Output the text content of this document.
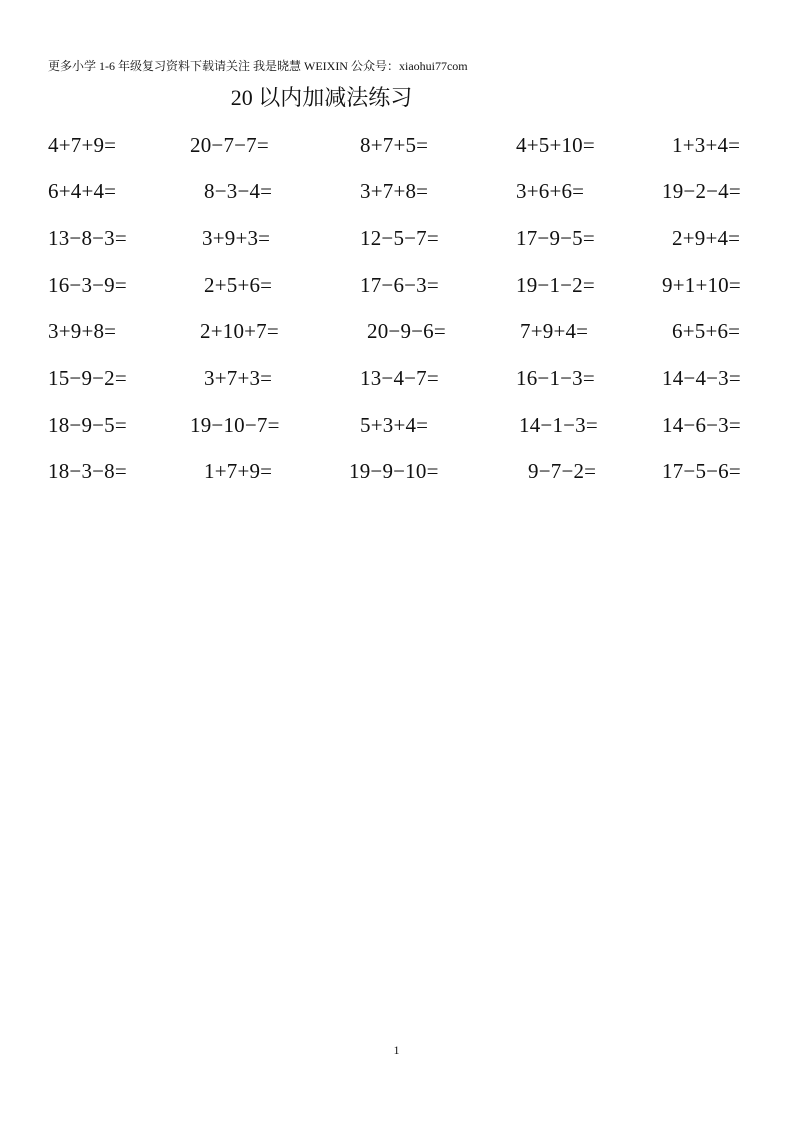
更多小学 1-6 年级复习资料下载请关注 我是晓慧 WEIXIN 公众号：xiaohui77com
20 以内加减法练习
4+7+9=	20−7−7=	8+7+5=	4+5+10=	1+3+4=
6+4+4=	8−3−4=	3+7+8=	3+6+6=	19−2−4=
13−8−3=	3+9+3=	12−5−7=	17−9−5=	2+9+4=
16−3−9=	2+5+6=	17−6−3=	19−1−2=	9+1+10=
3+9+8=	2+10+7=	20−9−6=	7+9+4=	6+5+6=
15−9−2=	3+7+3=	13−4−7=	16−1−3=	14−4−3=
18−9−5=	19−10−7=	5+3+4=	14−1−3=	14−6−3=
18−3−8=	1+7+9=	19−9−10=	9−7−2=	17−5−6=
1
